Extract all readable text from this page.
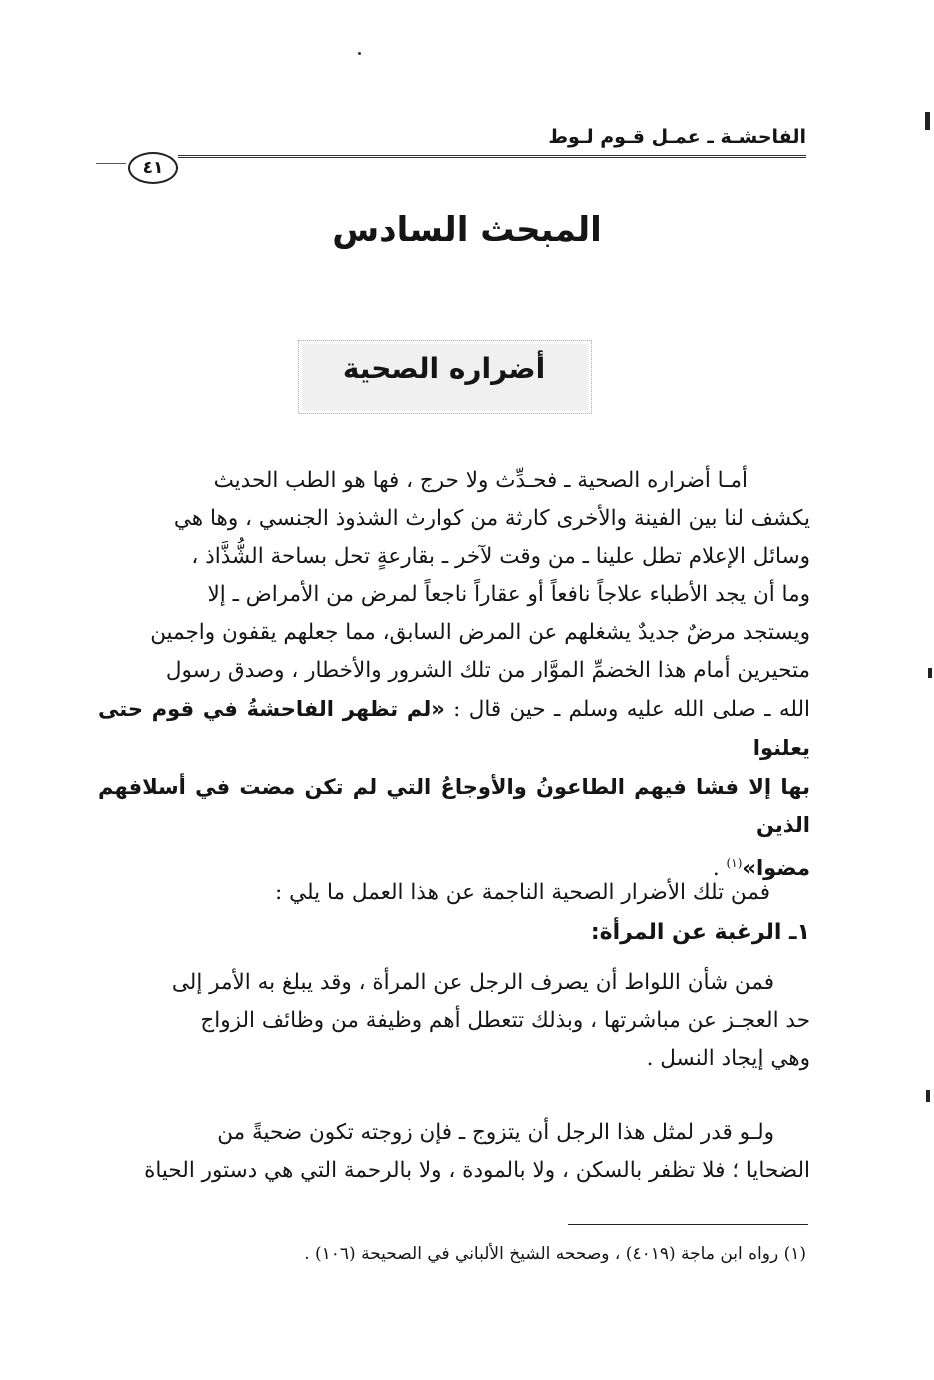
الفاحشـة ـ عمـل قـوم لـوط
٤١
المبحث السادس
أضراره الصحية
أمـا أضراره الصحية ـ فحـدِّث ولا حرج ، فها هو الطب الحديث
يكشف لنا بين الفينة والأخرى كارثة من كوارث الشذوذ الجنسي ، وها هي
وسائل الإعلام تطل علينا ـ من وقت لآخر ـ بقارعةٍ تحل بساحة الشُّذَّاذ ،
وما أن يجد الأطباء علاجاً نافعاً أو عقاراً ناجعاً لمرض من الأمراض ـ إلا
ويستجد مرضٌ جديدٌ يشغلهم عن المرض السابق، مما جعلهم يقفون واجمين
متحيرين أمام هذا الخضمِّ الموَّار من تلك الشرور والأخطار ، وصدق رسول
الله ـ صلى الله عليه وسلم ـ حين قال : «لم تظهر الفاحشةُ في قوم حتى يعلنوا
بها إلا فشا فيهم الطاعونُ والأوجاعُ التي لم تكن مضت في أسلافهم الذين
مضوا»$^{(١)}$ .
فمن تلك الأضرار الصحية الناجمة عن هذا العمل ما يلي :
١ـ الرغبة عن المرأة:
فمن شأن اللواط أن يصرف الرجل عن المرأة ، وقد يبلغ به الأمر إلى
حد العجـز عن مباشرتها ، وبذلك تتعطل أهم وظيفة من وظائف الزواج
وهي إيجاد النسل .
ولـو قدر لمثل هذا الرجل أن يتزوج ـ فإن زوجته تكون ضحيةً من
الضحايا ؛ فلا تظفر بالسكن ، ولا بالمودة ، ولا بالرحمة التي هي دستور الحياة
(١) رواه ابن ماجة (٤٠١٩) ، وصححه الشيخ الألباني في الصحيحة (١٠٦) .
